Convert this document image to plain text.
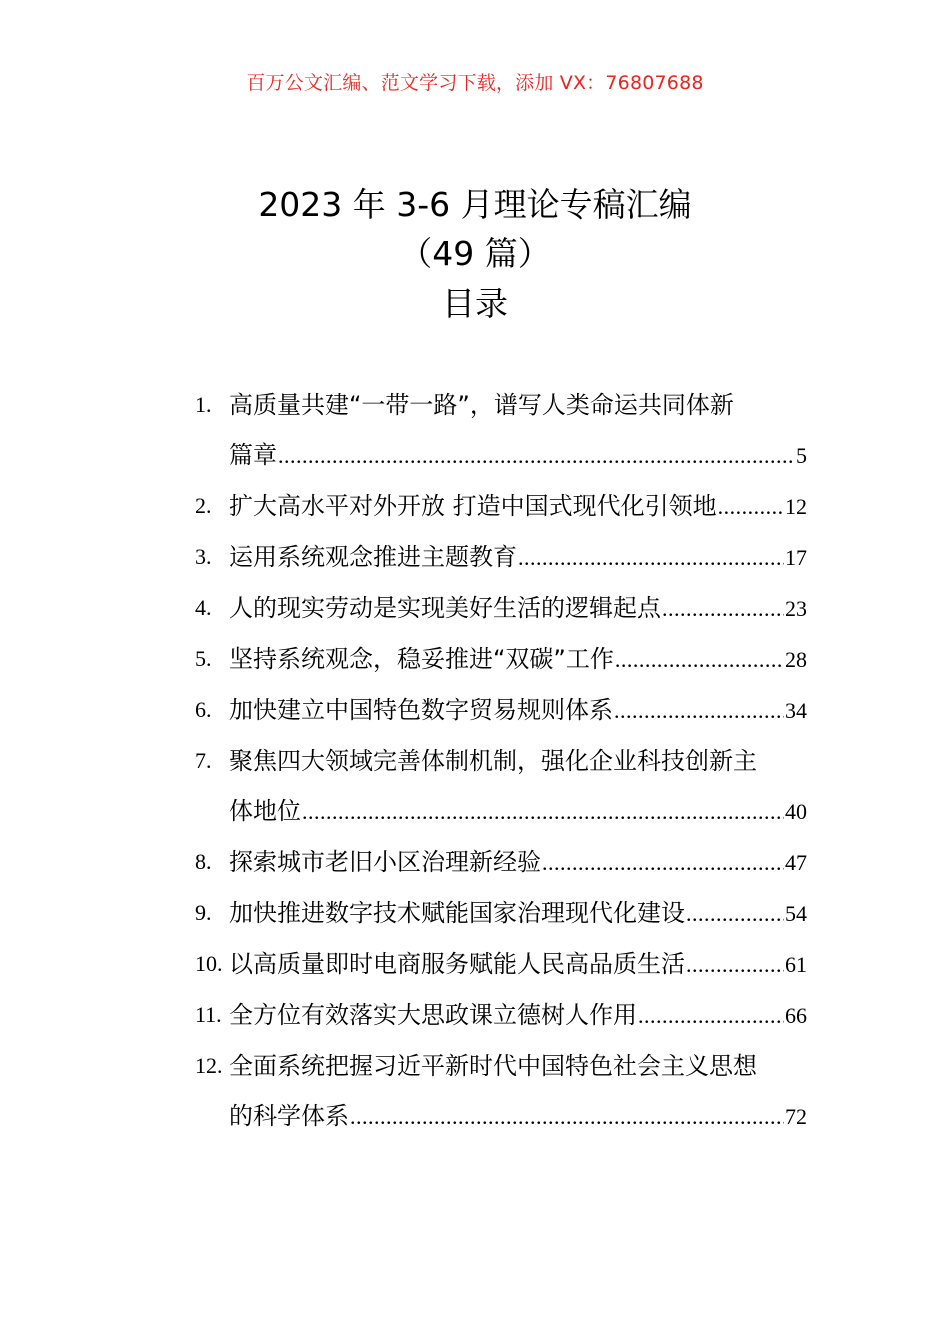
百万公文汇编、范文学习下载，添加 VX：76807688
2023 年 3-6 月理论专稿汇编
（49 篇）
目录
1. 高质量共建“一带一路”，谱写人类命运共同体新
篇章 .....	5
2. 扩大高水平对外开放 打造中国式现代化引领地 .....	12
3. 运用系统观念推进主题教育 .....	17
4. 人的现实劳动是实现美好生活的逻辑起点 .....	23
5. 坚持系统观念，稳妥推进“双碳”工作 .....	28
6. 加快建立中国特色数字贸易规则体系 .....	34
7. 聚焦四大领域完善体制机制，强化企业科技创新主
体地位 .....	40
8. 探索城市老旧小区治理新经验 .....	47
9. 加快推进数字技术赋能国家治理现代化建设 .....	54
10. 以高质量即时电商服务赋能人民高品质生活 .....	61
11. 全方位有效落实大思政课立德树人作用 .....	66
12. 全面系统把握习近平新时代中国特色社会主义思想
的科学体系 .....	72
